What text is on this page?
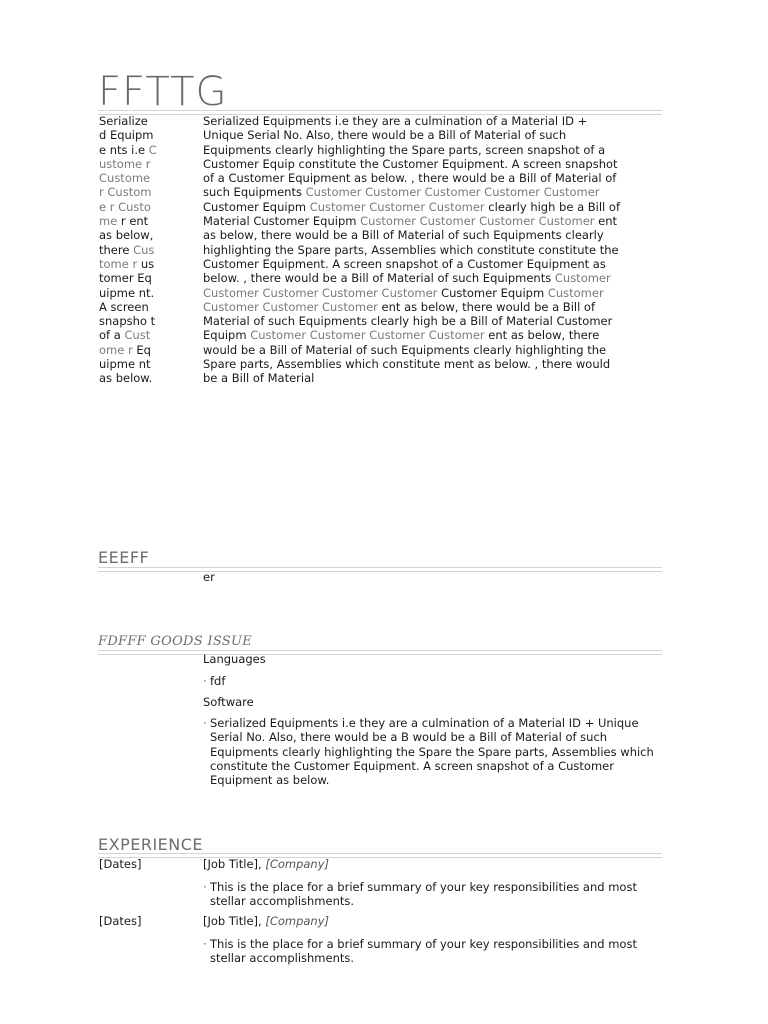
FFTTG
Serialize d Equipme nts i.e Custome r Custome r Custome r Custome r ent as below, there Custome r ustomer Equipme nt. A screen snapsho t of a Custome r Equipme nt as below.
Serialized Equipments i.e they are a culmination of a Material ID + Unique Serial No. Also, there would be a Bill of Material of such Equipments clearly highlighting the Spare parts, screen snapshot of a Customer Equip constitute the Customer Equipment. A screen snapshot of a Customer Equipment as below. , there would be a Bill of Material of such Equipments Customer Customer Customer Customer Customer Customer Equipm Customer Customer Customer clearly high be a Bill of Material Customer Equipm Customer Customer Customer Customer ent as below, there would be a Bill of Material of such Equipments clearly highlighting the Spare parts, Assemblies which constitute constitute the Customer Equipment. A screen snapshot of a Customer Equipment as below. , there would be a Bill of Material of such Equipments Customer Customer Customer Customer Customer Customer Equipm Customer Customer Customer Customer ent as below, there would be a Bill of Material of such Equipments clearly high be a Bill of Material Customer Equipm Customer Customer Customer Customer ent as below, there would be a Bill of Material of such Equipments clearly highlighting the Spare parts, Assemblies which constitute ment as below. , there would be a Bill of Material
EEEFF
er
FDFFF GOODS ISSUE
Languages
· fdf
Software
· Serialized Equipments i.e they are a culmination of a Material ID + Unique Serial No. Also, there would be a B would be a Bill of Material of such Equipments clearly highlighting the Spare the Spare parts, Assemblies which constitute the Customer Equipment. A screen snapshot of a Customer Equipment as below.
EXPERIENCE
[Dates]	[Job Title], [Company]
· This is the place for a brief summary of your key responsibilities and most stellar accomplishments.
[Dates]	[Job Title], [Company]
· This is the place for a brief summary of your key responsibilities and most stellar accomplishments.
